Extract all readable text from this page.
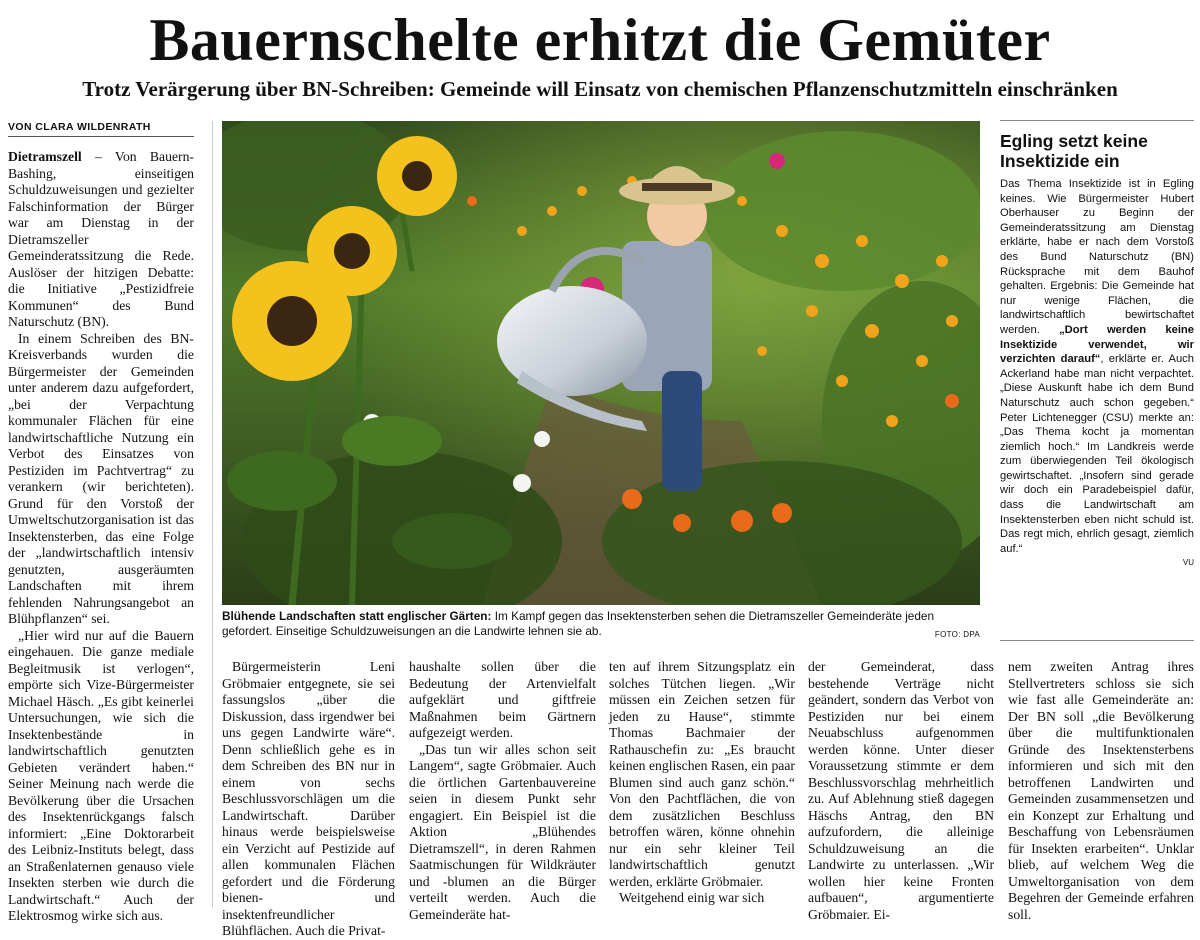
Bauernschelte erhitzt die Gemüter
Trotz Verärgerung über BN-Schreiben: Gemeinde will Einsatz von chemischen Pflanzenschutzmitteln einschränken
VON CLARA WILDENRATH

Dietramszell – Von Bauern-Bashing, einseitigen Schuldzuweisungen und gezielter Falschinformation der Bürger war am Dienstag in der Dietramszeller Gemeinderatssitzung die Rede. Auslöser der hitzigen Debatte: die Initiative „Pestizidfreie Kommunen“ des Bund Naturschutz (BN).

In einem Schreiben des BN-Kreisverbands wurden die Bürgermeister der Gemeinden unter anderem dazu aufgefordert, „bei der Verpachtung kommunaler Flächen für eine landwirtschaftliche Nutzung ein Verbot des Einsatzes von Pestiziden im Pachtvertrag“ zu verankern (wir berichteten). Grund für den Vorstoß der Umweltschutzorganisation ist das Insektensterben, das eine Folge der „landwirtschaftlich intensiv genutzten, ausgeräumten Landschaften mit ihrem fehlenden Nahrungsangebot an Blühpflanzen“ sei.

„Hier wird nur auf die Bauern eingehauen. Die ganze mediale Begleitmusik ist verlogen“, empörte sich Vize-Bürgermeister Michael Häsch. „Es gibt keinerlei Untersuchungen, wie sich die Insektenbestände in landwirtschaftlich genutzten Gebieten verändert haben.“ Seiner Meinung nach werde die Bevölkerung über die Ursachen des Insektenrückgangs falsch informiert: „Eine Doktorarbeit des Leibniz-Instituts belegt, dass an Straßenlaternen genauso viele Insekten sterben wie durch die Landwirtschaft.“ Auch der Elektrosmog wirke sich aus.

Blühende Landschaften statt englischer Gärten: Im Kampf gegen das Insektensterben sehen die Dietramszeller Gemeinderäte jeden gefordert. Einseitige Schuldzuweisungen an die Landwirte lehnen sie ab.	FOTO: DPA

Bürgermeisterin Leni Gröbmaier entgegnete, sie sei fassungslos „über die Diskussion, dass irgendwer bei uns gegen Landwirte wäre“. Denn schließlich gehe es in dem Schreiben des BN nur in einem von sechs Beschlussvorschlägen um die Landwirtschaft. Darüber hinaus werde beispielsweise ein Verzicht auf Pestizide auf allen kommunalen Flächen gefordert und die Förderung bienen- und insektenfreundlicher Blühflächen. Auch die Privat-

haushalte sollen über die Bedeutung der Artenvielfalt aufgeklärt und giftfreie Maßnahmen beim Gärtnern aufgezeigt werden.

„Das tun wir alles schon seit Langem“, sagte Gröbmaier. Auch die örtlichen Gartenbauvereine seien in diesem Punkt sehr engagiert. Ein Beispiel ist die Aktion „Blühendes Dietramszell“, in deren Rahmen Saatmischungen für Wildkräuter und -blumen an die Bürger verteilt werden. Auch die Gemeinderäte hat-

ten auf ihrem Sitzungsplatz ein solches Tütchen liegen. „Wir müssen ein Zeichen setzen für jeden zu Hause“, stimmte Thomas Bachmaier der Rathauschefin zu: „Es braucht keinen englischen Rasen, ein paar Blumen sind auch ganz schön.“ Von den Pachtflächen, die von dem zusätzlichen Beschluss betroffen wären, könne ohnehin nur ein sehr kleiner Teil landwirtschaftlich genutzt werden, erklärte Gröbmaier.

Weitgehend einig war sich

der Gemeinderat, dass bestehende Verträge nicht geändert, sondern das Verbot von Pestiziden nur bei einem Neuabschluss aufgenommen werden könne. Unter dieser Voraussetzung stimmte er dem Beschlussvorschlag mehrheitlich zu. Auf Ablehnung stieß dagegen Häschs Antrag, den BN aufzufordern, die alleinige Schuldzuweisung an die Landwirte zu unterlassen. „Wir wollen hier keine Fronten aufbauen“, argumentierte Gröbmaier. Ei-

nem zweiten Antrag ihres Stellvertreters schloss sie sich wie fast alle Gemeinderäte an: Der BN soll „die Bevölkerung über die multifunktionalen Gründe des Insektensterbens informieren und sich mit den betroffenen Landwirten und Gemeinden zusammensetzen und ein Konzept zur Erhaltung und Beschaffung von Lebensräumen für Insekten erarbeiten“. Unklar blieb, auf welchem Weg die Umweltorganisation von dem Begehren der Gemeinde erfahren soll.

Egling setzt keine Insektizide ein

Das Thema Insektizide ist in Egling keines. Wie Bürgermeister Hubert Oberhauser zu Beginn der Gemeinderatssitzung am Dienstag erklärte, habe er nach dem Vorstoß des Bund Naturschutz (BN) Rücksprache mit dem Bauhof gehalten. Ergebnis: Die Gemeinde hat nur wenige Flächen, die landwirtschaftlich bewirtschaftet werden. „Dort werden keine Insektizide verwendet, wir verzichten darauf“, erklärte er. Auch Ackerland habe man nicht verpachtet. „Diese Auskunft habe ich dem Bund Naturschutz auch schon gegeben.“ Peter Lichtenegger (CSU) merkte an: „Das Thema kocht ja momentan ziemlich hoch.“ Im Landkreis werde zum überwiegenden Teil ökologisch gewirtschaftet. „Insofern sind gerade wir doch ein Paradebeispiel dafür, dass die Landwirtschaft am Insektensterben eben nicht schuld ist. Das regt mich, ehrlich gesagt, ziemlich auf.“

VU
